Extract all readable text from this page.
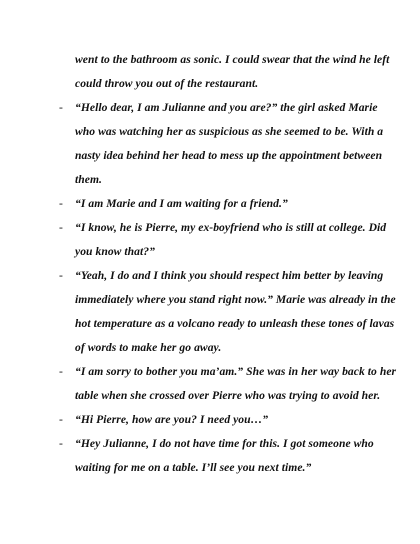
went to the bathroom as sonic. I could swear that the wind he left
could throw you out of the restaurant.
- “Hello dear, I am Julianne and you are?” the girl asked Marie
who was watching her as suspicious as she seemed to be. With a
nasty idea behind her head to mess up the appointment between
them.
- “I am Marie and I am waiting for a friend.”
- “I know, he is Pierre, my ex-boyfriend who is still at college. Did
you know that?”
- “Yeah, I do and I think you should respect him better by leaving
immediately where you stand right now.” Marie was already in the
hot temperature as a volcano ready to unleash these tones of lavas
of words to make her go away.
- “I am sorry to bother you ma’am.” She was in her way back to her
table when she crossed over Pierre who was trying to avoid her.
- “Hi Pierre, how are you? I need you…”
- “Hey Julianne, I do not have time for this. I got someone who
waiting for me on a table. I’ll see you next time.”
